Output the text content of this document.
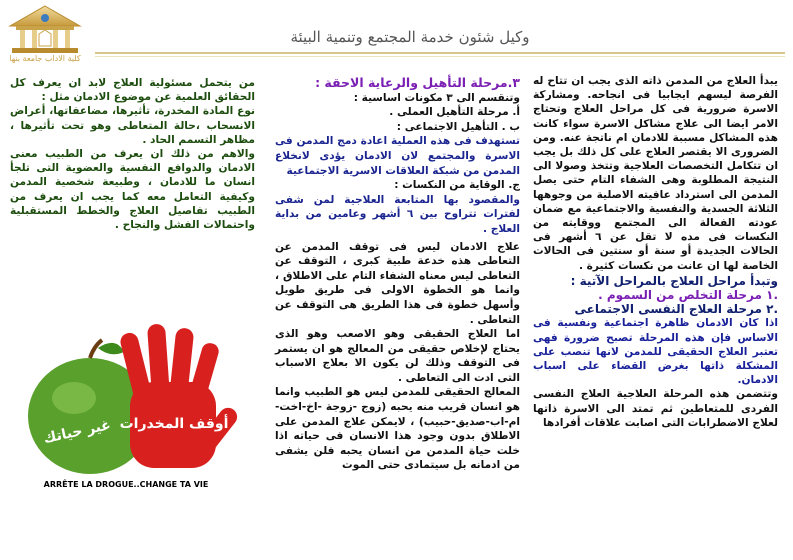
كلية الاداب جامعة بنها
وكيل شئون خدمة المجتمع وتنمية البيئة

يبدأ العلاج من المدمن ذاته الذى يجب ان تتاح له الفرصة ليسهم ايجابيا فى انجاحه. ومشاركة الاسرة ضرورية فى كل مراحل العلاج وتحتاج الامر ايضا الى علاج مشاكل الاسرة سواء كانت هذه المشاكل مسببة للادمان ام ناتجة عنه. ومن الضرورى الا يقتصر العلاج على كل ذلك بل يجب ان تتكامل التخصصات العلاجية وتتخذ وصولا الى النتيجة المطلوبة وهى الشفاء التام حتى يصل المدمن الى استرداد عافيته الاصلية من وجوهها الثلاثة الجسدية والنفسية والاجتماعية مع ضمان عودته الفعالة الى المجتمع ووقايته من النكسات فى مده لا تقل عن ٦ أشهر فى الحالات الجديدة أو سنة أو سنتين فى الحالات الخاصة لها ان عانت من نكسات كثيرة .

وتبدأ مراحل العلاج بالمراحل الآتية :

.١ مرحلة التخلص من السموم .

.٢ مرحلة العلاج النفسى الاجتماعى

اذا كان الادمان ظاهرة اجتماعية ونفسية فى الاساس فإن هذه المرحلة تصبح ضرورة فهى تعتبر العلاج الحقيقى للمدمن لانها تنصب على المشكلة ذاتها بغرض القضاء على اسباب الادمان.

وتتضمن هذه المرحلة العلاجية العلاج النفسى الفردى للمتعاطين ثم تمتد الى الاسرة ذاتها لعلاج الاضطرابات التى اصابت علاقات أفرادها

٣.مرحلة التأهيل والرعاية الاحقة :

وتنقسم الى ٣ مكونات اساسية :

أ. مرحلة التأهيل العملى .

ب . التأهيل الاجتماعى :

تستهدف فى هذه العملية اعادة دمج المدمن فى الاسرة والمجتمع لان الادمان يؤدى لانخلاع المدمن من شبكة العلاقات الاسرية الاجتماعية

ج. الوقاية من النكسات :

والمقصود بها المتابعة العلاجية لمن شفى لفترات تتراوح بين ٦ أشهر وعامين من بداية العلاج .

علاج الادمان ليس فى توقف المدمن عن التعاطى هذه خدعة طبية كبرى ، التوقف عن التعاطى ليس معناه الشفاء التام على الاطلاق ، وانما هو الخطوة الاولى فى طريق طويل وأسهل خطوة فى هذا الطريق هى التوقف عن التعاطى .

اما العلاج الحقيقى وهو الاصعب وهو الذى يحتاج لإخلاص حقيقى من المعالج هو ان يستمر فى التوقف وذلك لن يكون الا بعلاج الاسباب التى ادت الى التعاطى .

المعالج الحقيقى للمدمن ليس هو الطبيب وانما هو انسان قريب منه يحبه (زوج -زوجة -اخ-اخت-ام-اب-صديق-حبيب) ، لايمكن علاج المدمن على الاطلاق بدون وجود هذا الانسان فى حياته اذا خلت حياة المدمن من انسان يحبه فلن يشفى من ادمانه بل سيتمادى حتى الموت

من يتحمل مسئولية العلاج لابد ان يعرف كل الحقائق العلمية عن موضوع الادمان مثل :

نوع المادة المخدرة، تأثيرها، مضاعفاتها، أعراض الانسحاب ،حالة المتعاطى وهو تحت تأثيرها ، مظاهر التسمم الحاد .

والاهم من ذلك ان يعرف من الطبيب معنى الادمان والدوافع النفسية والعضوية التى تلجأ انسان ما للادمان ، وطبيعة شخصية المدمن وكيفية التعامل معه كما يجب ان يعرف من الطبيب تفاصيل العلاج والخطط المستقبلية واحتمالات الفشل والنجاح .

أوقف المخدرات
غير حياتك
ARRÊTE LA DROGUE..CHANGE TA VIE
